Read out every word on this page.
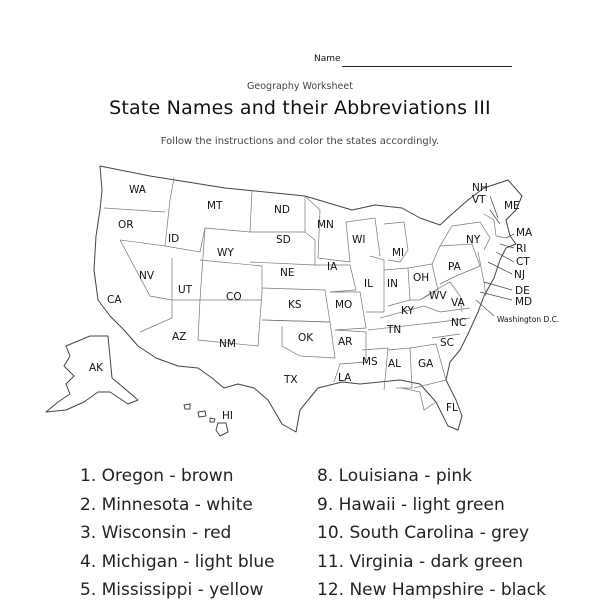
Name
Geography Worksheet
State Names and their Abbreviations III
Follow the instructions and color the states accordingly.
WA
OR
CA
ID
NV
MT
WY
UT
AZ
CO
NM
ND
SD
NE
KS
OK
TX
MN
IA
MO
AR
LA
WI
IL
MS
MI
IN OH
KY
TN
AL GA
FL
SC
NC
VA
WV
PA
NY
VT
NH
ME
MA
RI
CT
NJ
DE
MD
AK
HI
Washington D.C.
1. Oregon - brown
2. Minnesota - white
3. Wisconsin - red
4. Michigan - light blue
5. Mississippi - yellow
8. Louisiana - pink
9. Hawaii - light green
10. South Carolina - grey
11. Virginia - dark green
12. New Hampshire - black
